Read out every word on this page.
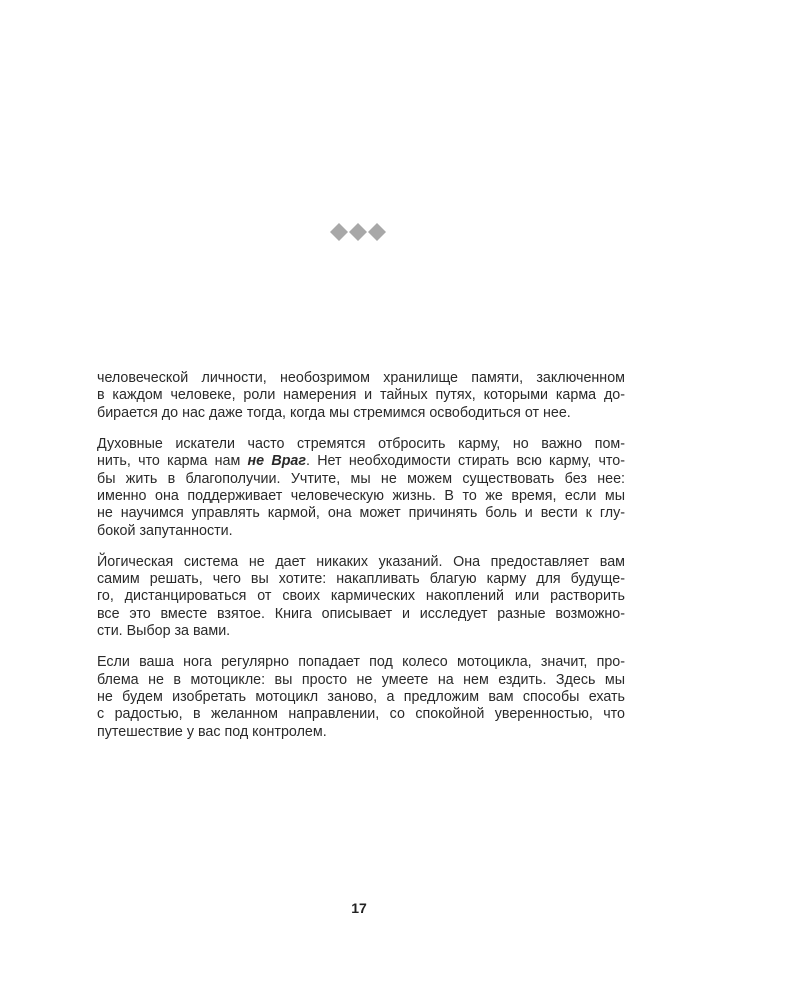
человеческой личности, необозримом хранилище памяти, заключенном
в каждом человеке, роли намерения и тайных путях, которыми карма до-
бирается до нас даже тогда, когда мы стремимся освободиться от нее.

Духовные искатели часто стремятся отбросить карму, но важно пом-
нить, что карма нам не Враг. Нет необходимости стирать всю карму, что-
бы жить в благополучии. Учтите, мы не можем существовать без нее:
именно она поддерживает человеческую жизнь. В то же время, если мы
не научимся управлять кармой, она может причинять боль и вести к глу-
бокой запутанности.

Йогическая система не дает никаких указаний. Она предоставляет вам
самим решать, чего вы хотите: накапливать благую карму для будуще-
го, дистанцироваться от своих кармических накоплений или растворить
все это вместе взятое. Книга описывает и исследует разные возможно-
сти. Выбор за вами.

Если ваша нога регулярно попадает под колесо мотоцикла, значит, про-
блема не в мотоцикле: вы просто не умеете на нем ездить. Здесь мы
не будем изобретать мотоцикл заново, а предложим вам способы ехать
с радостью, в желанном направлении, со спокойной уверенностью, что
путешествие у вас под контролем.

17
